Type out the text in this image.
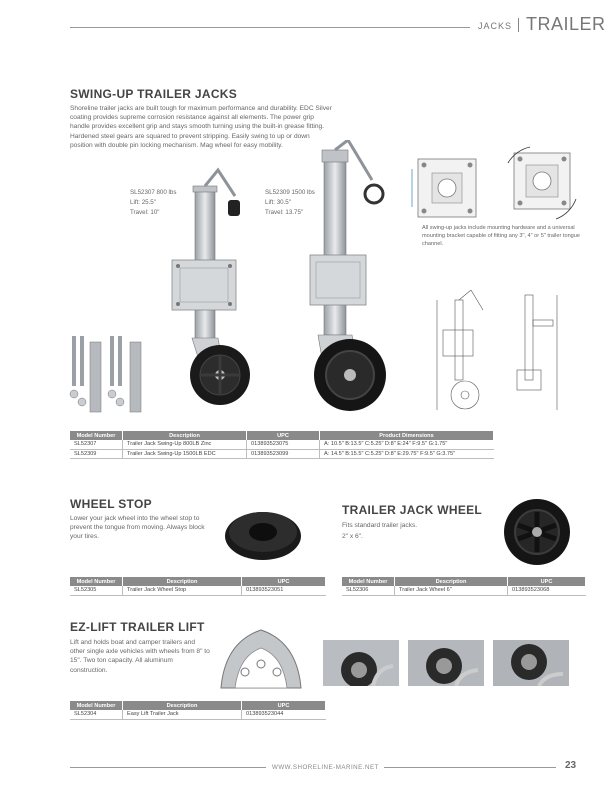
JACKS TRAILER
SWING-UP TRAILER JACKS

Shoreline trailer jacks are built tough for maximum performance and durability. EDC Silver coating provides supreme corrosion resistance against all elements. The power grip handle provides excellent grip and stays smooth turning using the built-in grease fitting. Hardened steel gears are squared to prevent stripping. Easily swing to up or down position with double pin locking mechanism. Mag wheel for easy mobility.

SL52307 800 lbs
Lift: 25.5"
Travel: 10"
SL52309 1500 lbs
Lift: 30.5"
Travel: 13.75"

All swing-up jacks include mounting hardware and a universal mounting bracket capable of fitting any 3", 4" or 5" trailer tongue channel.

Model Number	Description	UPC	Product Dimensions
SL52307	Trailer Jack Swing-Up 800LB Zinc	013893523075	A: 10.5" B:13.5" C:5.25" D:8" E:24" F:9.5" G:1.75"
SL52309	Trailer Jack Swing-Up 1500LB EDC	013893523099	A: 14.5" B:15.5" C:5.25" D:8" E:29.75" F:9.5" G:3.75"
WHEEL STOP

Lower your jack wheel into the wheel stop to prevent the tongue from moving. Always block your tires.

Model Number	Description	UPC
SL52305	Trailer Jack Wheel Stop	013893523051
TRAILER JACK WHEEL
Fits standard trailer jacks.
2" x 6".
Model Number	Description	UPC
SL52306	Trailer Jack Wheel 6"	013893523068
EZ-LIFT TRAILER LIFT

Lift and holds boat and camper trailers and other single axle vehicles with wheels from 8" to 15". Two ton capacity. All aluminum construction.

Model Number	Description	UPC
SL52304	Easy Lift Trailer Jack	013893523044
WWW.SHORELINE-MARINE.NET	23
